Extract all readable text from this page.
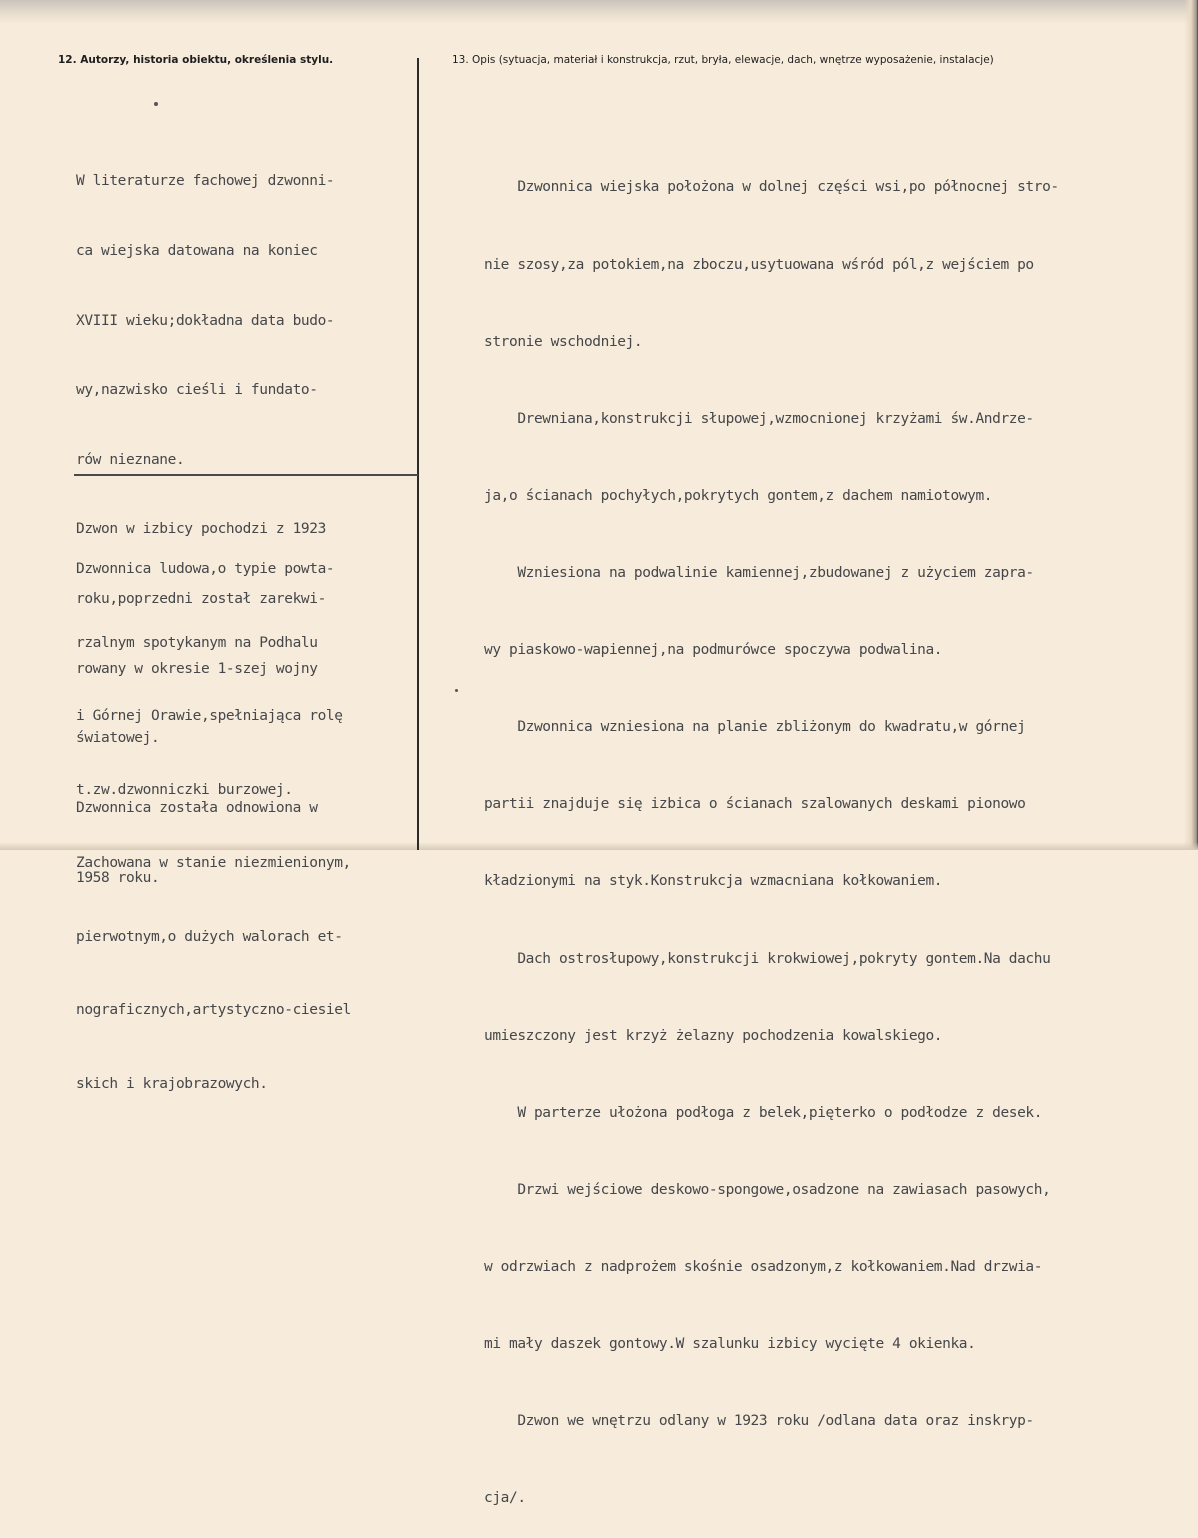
12. Autorzy, historia obiektu, określenia stylu.	13. Opis (sytuacja, materiał i konstrukcja, rzut, bryła, elewacje, dach, wnętrze wyposażenie, instalacje)

W literaturze fachowej dzwonni-

ca wiejska datowana na koniec

XVIII wieku;dokładna data budo-

wy,nazwisko cieśli i fundato-

rów nieznane.

Dzwon w izbicy pochodzi z 1923

roku,poprzedni został zarekwi-

rowany w okresie 1-szej wojny

światowej.

Dzwonnica została odnowiona w

1958 roku.

Dzwonnica ludowa,o typie powta-

rzalnym spotykanym na Podhalu

i Górnej Orawie,spełniająca rolę

t.zw.dzwonniczki burzowej.

Zachowana w stanie niezmienionym,

pierwotnym,o dużych walorach et-

nograficznych,artystyczno-ciesiel

skich i krajobrazowych.

Dzwonnica wiejska położona w dolnej części wsi,po północnej stro-

nie szosy,za potokiem,na zboczu,usytuowana wśród pól,z wejściem po

stronie wschodniej.

Drewniana,konstrukcji słupowej,wzmocnionej krzyżami św.Andrze-

ja,o ścianach pochyłych,pokrytych gontem,z dachem namiotowym.

Wzniesiona na podwalinie kamiennej,zbudowanej z użyciem zapra-

wy piaskowo-wapiennej,na podmurówce spoczywa podwalina.

Dzwonnica wzniesiona na planie zbliżonym do kwadratu,w górnej

partii znajduje się izbica o ścianach szalowanych deskami pionowo

kładzionymi na styk.Konstrukcja wzmacniana kołkowaniem.

Dach ostrosłupowy,konstrukcji krokwiowej,pokryty gontem.Na dachu

umieszczony jest krzyż żelazny pochodzenia kowalskiego.

W parterze ułożona podłoga z belek,pięterko o podłodze z desek.

Drzwi wejściowe deskowo-spongowe,osadzone na zawiasach pasowych,

w odrzwiach z nadprożem skośnie osadzonym,z kołkowaniem.Nad drzwia-

mi mały daszek gontowy.W szalunku izbicy wycięte 4 okienka.

Dzwon we wnętrzu odlany w 1923 roku /odlana data oraz inskryp-

cja/.
